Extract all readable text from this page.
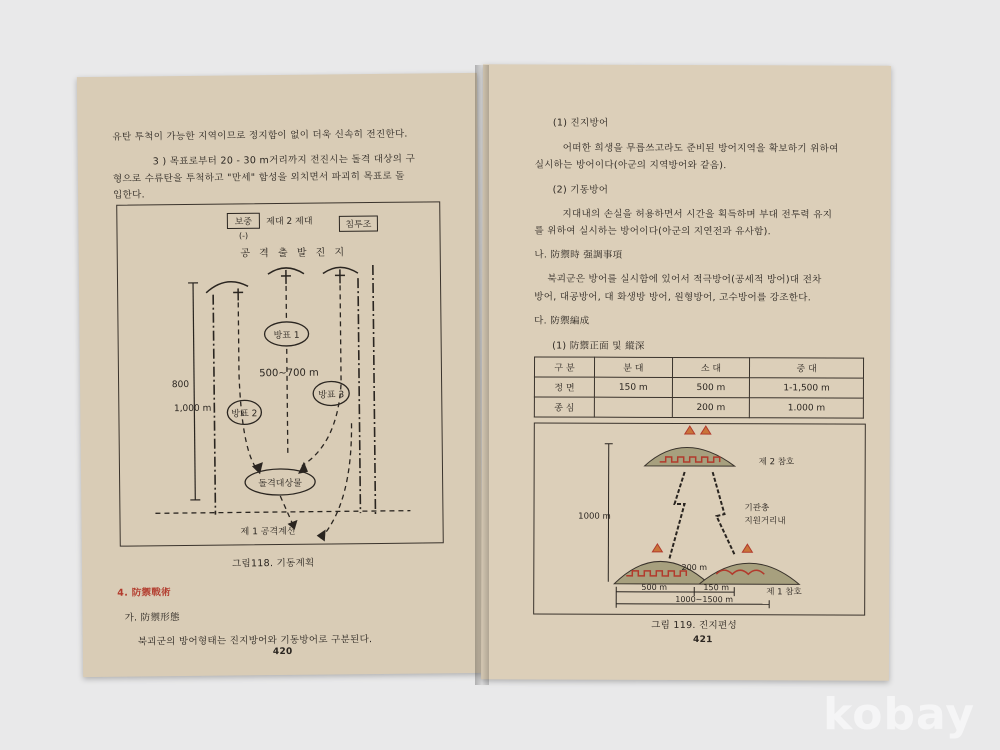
유탄 투척이 가능한 지역이므로 정지함이 없이 더욱 신속히 전진한다.
3 ) 목표로부터 20 - 30 m거리까지 전진시는 돌격 대상의 구
형으로 수류탄을 투척하고 "만세" 함성을 외치면서 파괴히 목표로 돌
입한다.
보중
(-)
제대 2 제대	침투조
공 격 출 발 진 지
방표 1
방표 2
방표 3
500~700 m
돌격대상물
800
1,000 m
제 1 공격계선
그림118. 기동계획
4. 防禦戰術
가. 防禦形態
북괴군의 방어형태는 진지방어와 기동방어로 구분된다.
420
(1) 진지방어
어떠한 희생을 무릅쓰고라도 준비된 방어지역을 확보하기 위하여
실시하는 방어이다(아군의 지역방어와 같음).
(2) 기동방어
지대내의 손실을 허용하면서 시간을 획득하며 부대 전투력 유지
를 위하여 실시하는 방어이다(아군의 지연전과 유사함).
나. 防禦時 强調事項
북괴군은 방어를 실시함에 있어서 적극방어(공세적 방어)대 전차
방어, 대공방어, 대 화생방 방어, 원형방어, 고수방어를 강조한다.
다. 防禦編成
(1) 防禦正面 및 縱深
구 분	분 대	소 대	중 대
정 면	150 m	500 m	1-1,500 m
종 심		200 m	1.000 m
제 2 참호
기관총
지원거리내
1000 m
200 m
제 1 참호
500 m	150 m
1000~1500 m
그림 119. 진지편성
421
kobay
